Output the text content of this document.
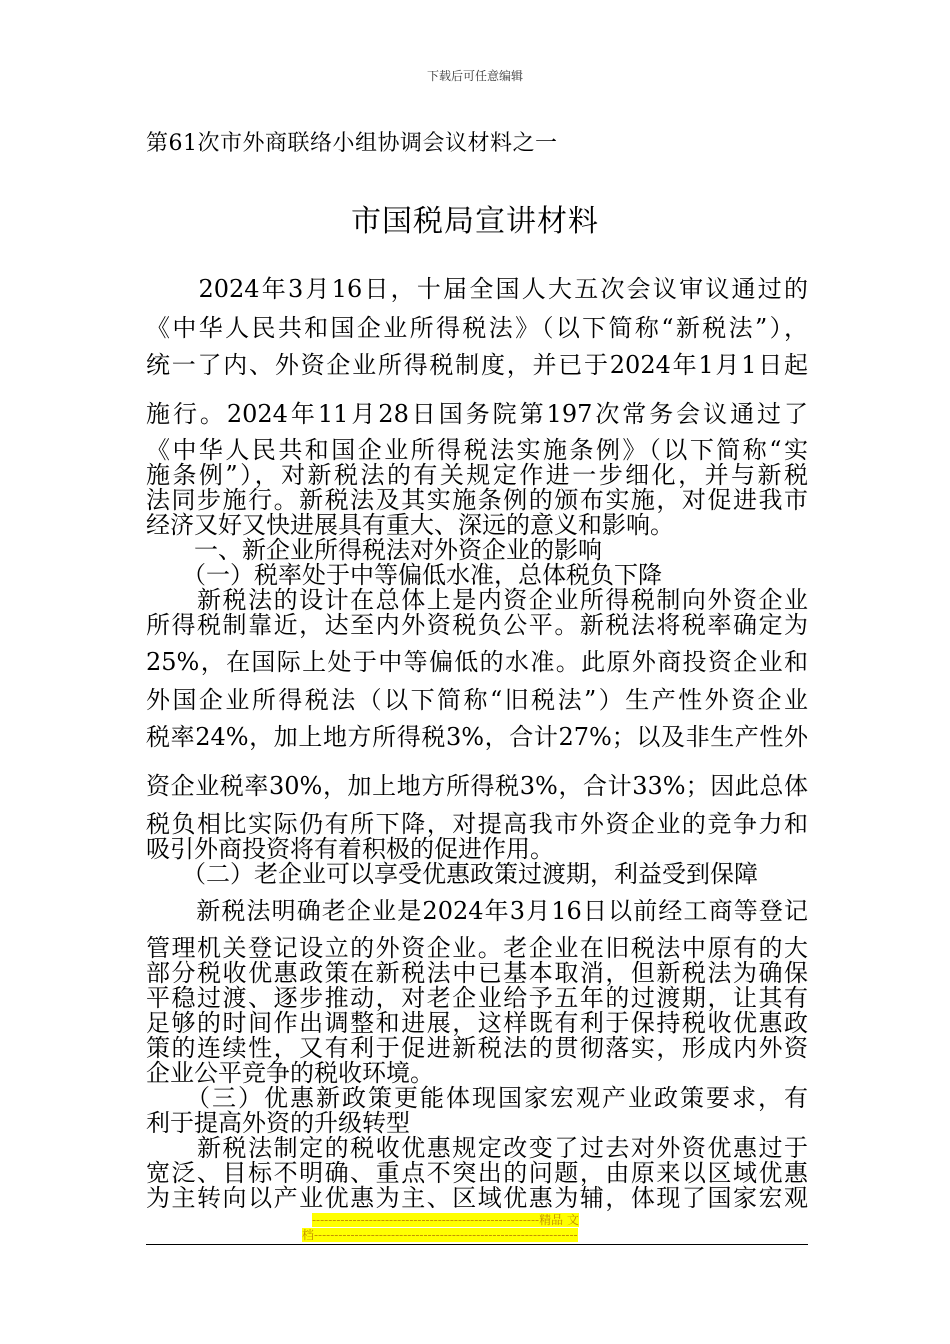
下载后可任意编辑
第61次市外商联络小组协调会议材料之一
市国税局宣讲材料
　　2024年3月16日，十届全国人大五次会议审议通过的
《中华人民共和国企业所得税法》（以下简称“新税法”），
统一了内、外资企业所得税制度，并已于2024年1月1日起
施行。2024年11月28日国务院第197次常务会议通过了
《中华人民共和国企业所得税法实施条例》（以下简称“实
施条例”），对新税法的有关规定作进一步细化，并与新税
法同步施行。新税法及其实施条例的颁布实施，对促进我市
经济又好又快进展具有重大、深远的意义和影响。
　　一、新企业所得税法对外资企业的影响
　　（一）税率处于中等偏低水准，总体税负下降
　　新税法的设计在总体上是内资企业所得税制向外资企业
所得税制靠近，达至内外资税负公平。新税法将税率确定为
25%，在国际上处于中等偏低的水准。此原外商投资企业和
外国企业所得税法（以下简称“旧税法”）生产性外资企业
税率24%，加上地方所得税3%，合计27%；以及非生产性外
资企业税率30%，加上地方所得税3%，合计33%；因此总体
税负相比实际仍有所下降，对提高我市外资企业的竞争力和
吸引外商投资将有着积极的促进作用。
　　（二）老企业可以享受优惠政策过渡期，利益受到保障
　　新税法明确老企业是2024年3月16日以前经工商等登记
管理机关登记设立的外资企业。老企业在旧税法中原有的大
部分税收优惠政策在新税法中已基本取消，但新税法为确保
平稳过渡、逐步推动，对老企业给予五年的过渡期，让其有
足够的时间作出调整和进展，这样既有利于保持税收优惠政
策的连续性，又有利于促进新税法的贯彻落实，形成内外资
企业公平竞争的税收环境。
　　（三）优惠新政策更能体现国家宏观产业政策要求，有
利于提高外资的升级转型
　　新税法制定的税收优惠规定改变了过去对外资优惠过于
宽泛、目标不明确、重点不突出的问题，由原来以区域优惠
为主转向以产业优惠为主、区域优惠为辅，体现了国家宏观
--------------------------------------------------------精品 文
档-----------------------------------------------------------------
